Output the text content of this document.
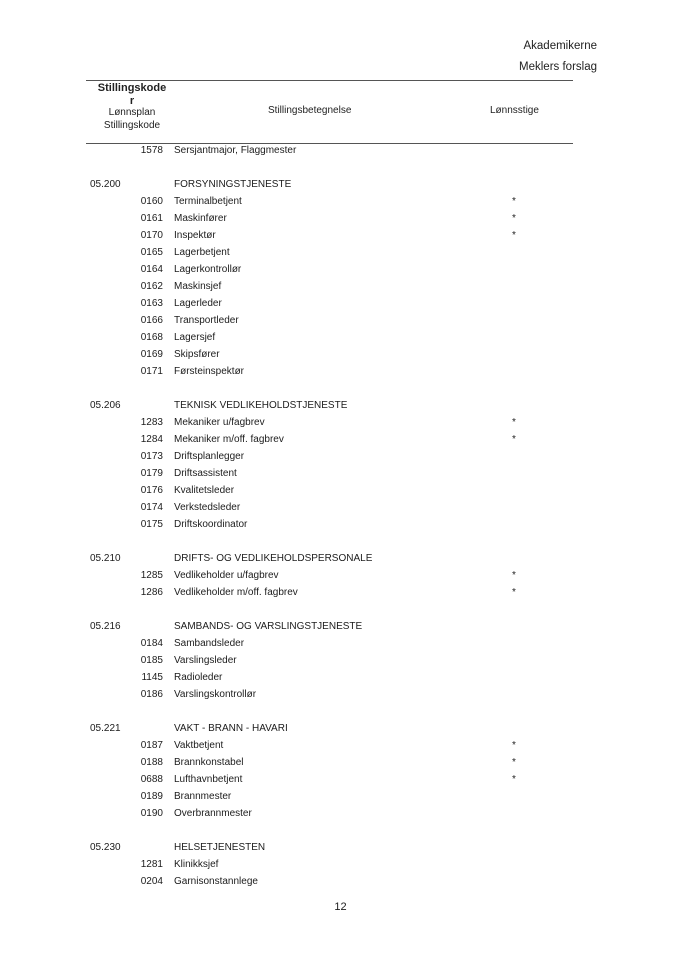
Akademikerne
Meklers forslag
Stillingskode
r
Lønnsplan
Stillingskode
Stillingsbetegnelse	Lønnsstige
1578 Sersjantmajor, Flaggmester
05.200	FORSYNINGSTJENESTE
0160 Terminalbetjent	*
0161 Maskinfører	*
0170 Inspektør	*
0165 Lagerbetjent
0164 Lagerkontrollør
0162 Maskinsjef
0163 Lagerleder
0166 Transportleder
0168 Lagersjef
0169 Skipsfører
0171 Førsteinspektør
05.206	TEKNISK VEDLIKEHOLDSTJENESTE
1283 Mekaniker u/fagbrev	*
1284 Mekaniker m/off. fagbrev	*
0173 Driftsplanlegger
0179 Driftsassistent
0176 Kvalitetsleder
0174 Verkstedsleder
0175 Driftskoordinator
05.210	DRIFTS- OG VEDLIKEHOLDSPERSONALE
1285 Vedlikeholder u/fagbrev	*
1286 Vedlikeholder m/off. fagbrev	*
05.216	SAMBANDS- OG VARSLINGSTJENESTE
0184 Sambandsleder
0185 Varslingsleder
1145 Radioleder
0186 Varslingskontrollør
05.221	VAKT - BRANN - HAVARI
0187 Vaktbetjent	*
0188 Brannkonstabel	*
0688 Lufthavnbetjent	*
0189 Brannmester
0190 Overbrannmester
05.230	HELSETJENESTEN
1281 Klinikksjef
0204 Garnisonstannlege
12
